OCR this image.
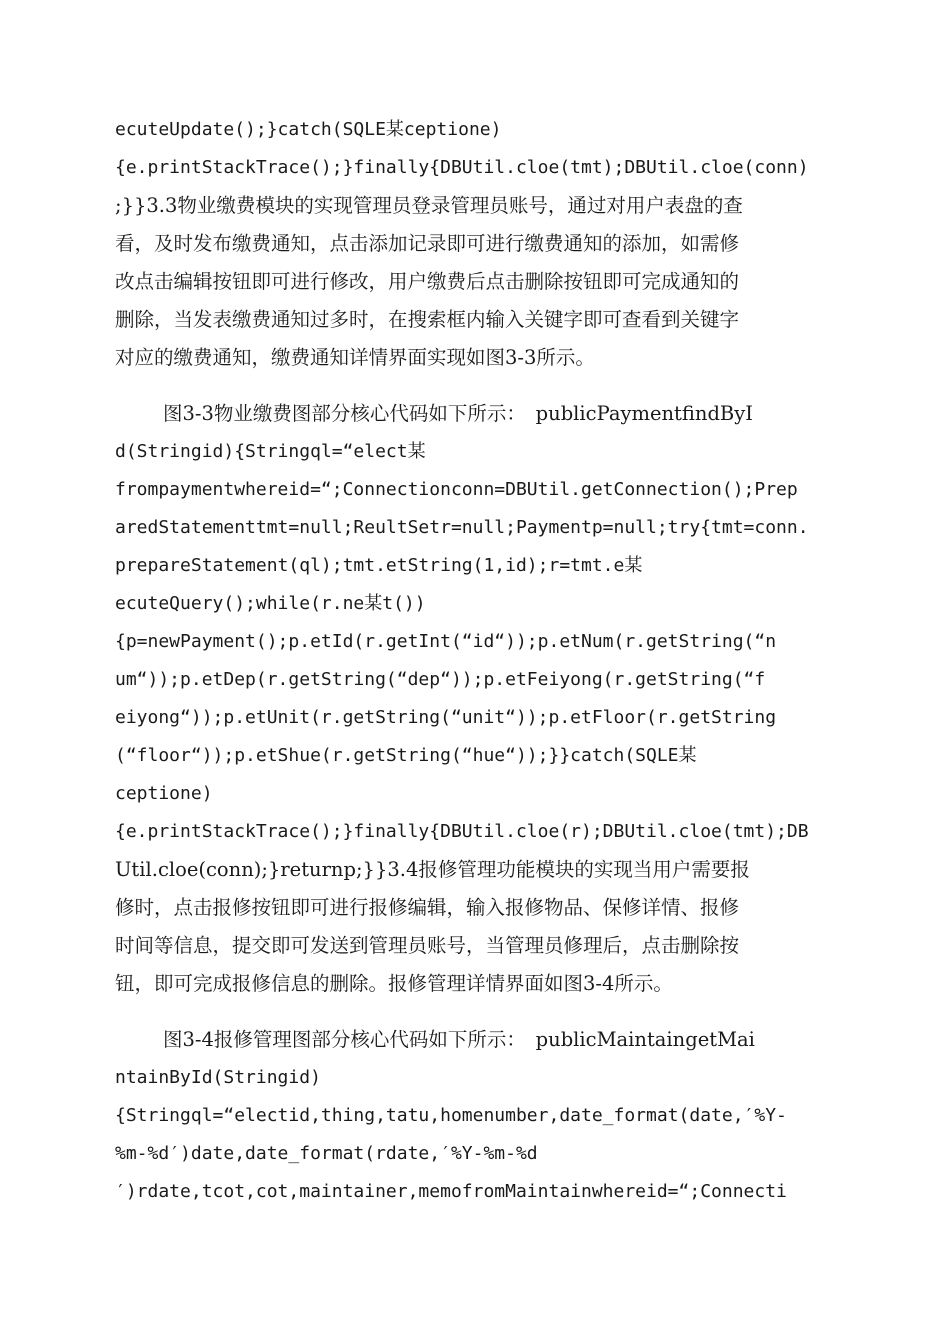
ecuteUpdate();}catch(SQLE某ceptione)
{e.printStackTrace();}finally{DBUtil.cloe(tmt);DBUtil.cloe(conn)
;}}3.3物业缴费模块的实现管理员登录管理员账号，通过对用户表盘的查
看，及时发布缴费通知，点击添加记录即可进行缴费通知的添加，如需修
改点击编辑按钮即可进行修改，用户缴费后点击删除按钮即可完成通知的
删除，当发表缴费通知过多时，在搜索框内输入关键字即可查看到关键字
对应的缴费通知，缴费通知详情界面实现如图3-3所示。
图3-3物业缴费图部分核心代码如下所示：　publicPaymentfindByI
d(Stringid){Stringql=“elect某
frompaymentwhereid=“;Connectionconn=DBUtil.getConnection();Prep
aredStatementtmt=null;ReultSetr=null;Paymentp=null;try{tmt=conn.
prepareStatement(ql);tmt.etString(1,id);r=tmt.e某
ecuteQuery();while(r.ne某t())
{p=newPayment();p.etId(r.getInt(“id“));p.etNum(r.getString(“n
um“));p.etDep(r.getString(“dep“));p.etFeiyong(r.getString(“f
eiyong“));p.etUnit(r.getString(“unit“));p.etFloor(r.getString
(“floor“));p.etShue(r.getString(“hue“));}}catch(SQLE某
ceptione)
{e.printStackTrace();}finally{DBUtil.cloe(r);DBUtil.cloe(tmt);DB
Util.cloe(conn);}returnp;}}3.4报修管理功能模块的实现当用户需要报
修时，点击报修按钮即可进行报修编辑，输入报修物品、保修详情、报修
时间等信息，提交即可发送到管理员账号，当管理员修理后，点击删除按
钮，即可完成报修信息的删除。报修管理详情界面如图3-4所示。
图3-4报修管理图部分核心代码如下所示：　publicMaintaingetMai
ntainById(Stringid)
{Stringql=“electid,thing,tatu,homenumber,date_format(date,′%Y-
%m-%d′)date,date_format(rdate,′%Y-%m-%d
′)rdate,tcot,cot,maintainer,memofromMaintainwhereid=“;Connecti
